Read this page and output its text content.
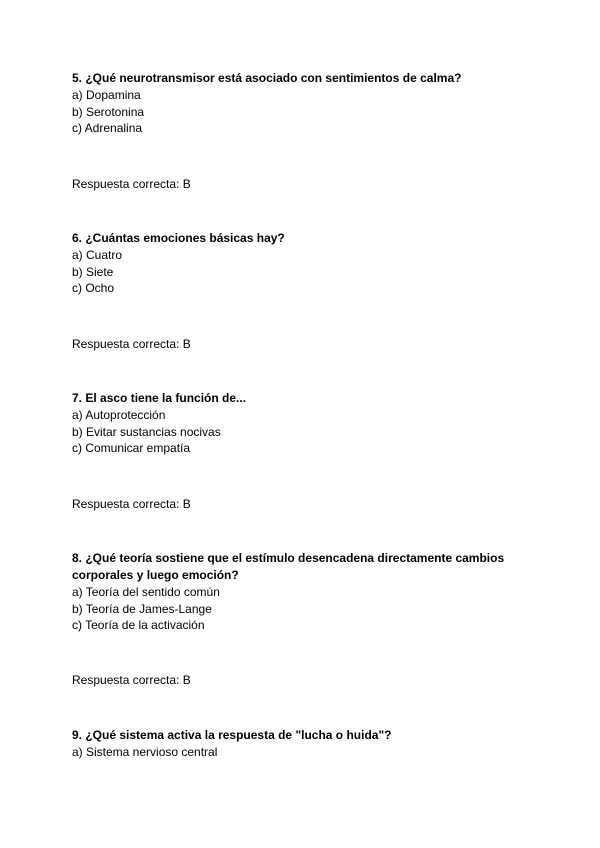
5. ¿Qué neurotransmisor está asociado con sentimientos de calma?

a) Dopamina

b) Serotonina

c) Adrenalina

Respuesta correcta: B

6. ¿Cuántas emociones básicas hay?

a) Cuatro

b) Siete

c) Ocho

Respuesta correcta: B

7. El asco tiene la función de...

a) Autoprotección

b) Evitar sustancias nocivas

c) Comunicar empatía

Respuesta correcta: B

8. ¿Qué teoría sostiene que el estímulo desencadena directamente cambios corporales y luego emoción?

a) Teoría del sentido común

b) Teoría de James-Lange

c) Teoría de la activación

Respuesta correcta: B

9. ¿Qué sistema activa la respuesta de "lucha o huida"?

a) Sistema nervioso central
